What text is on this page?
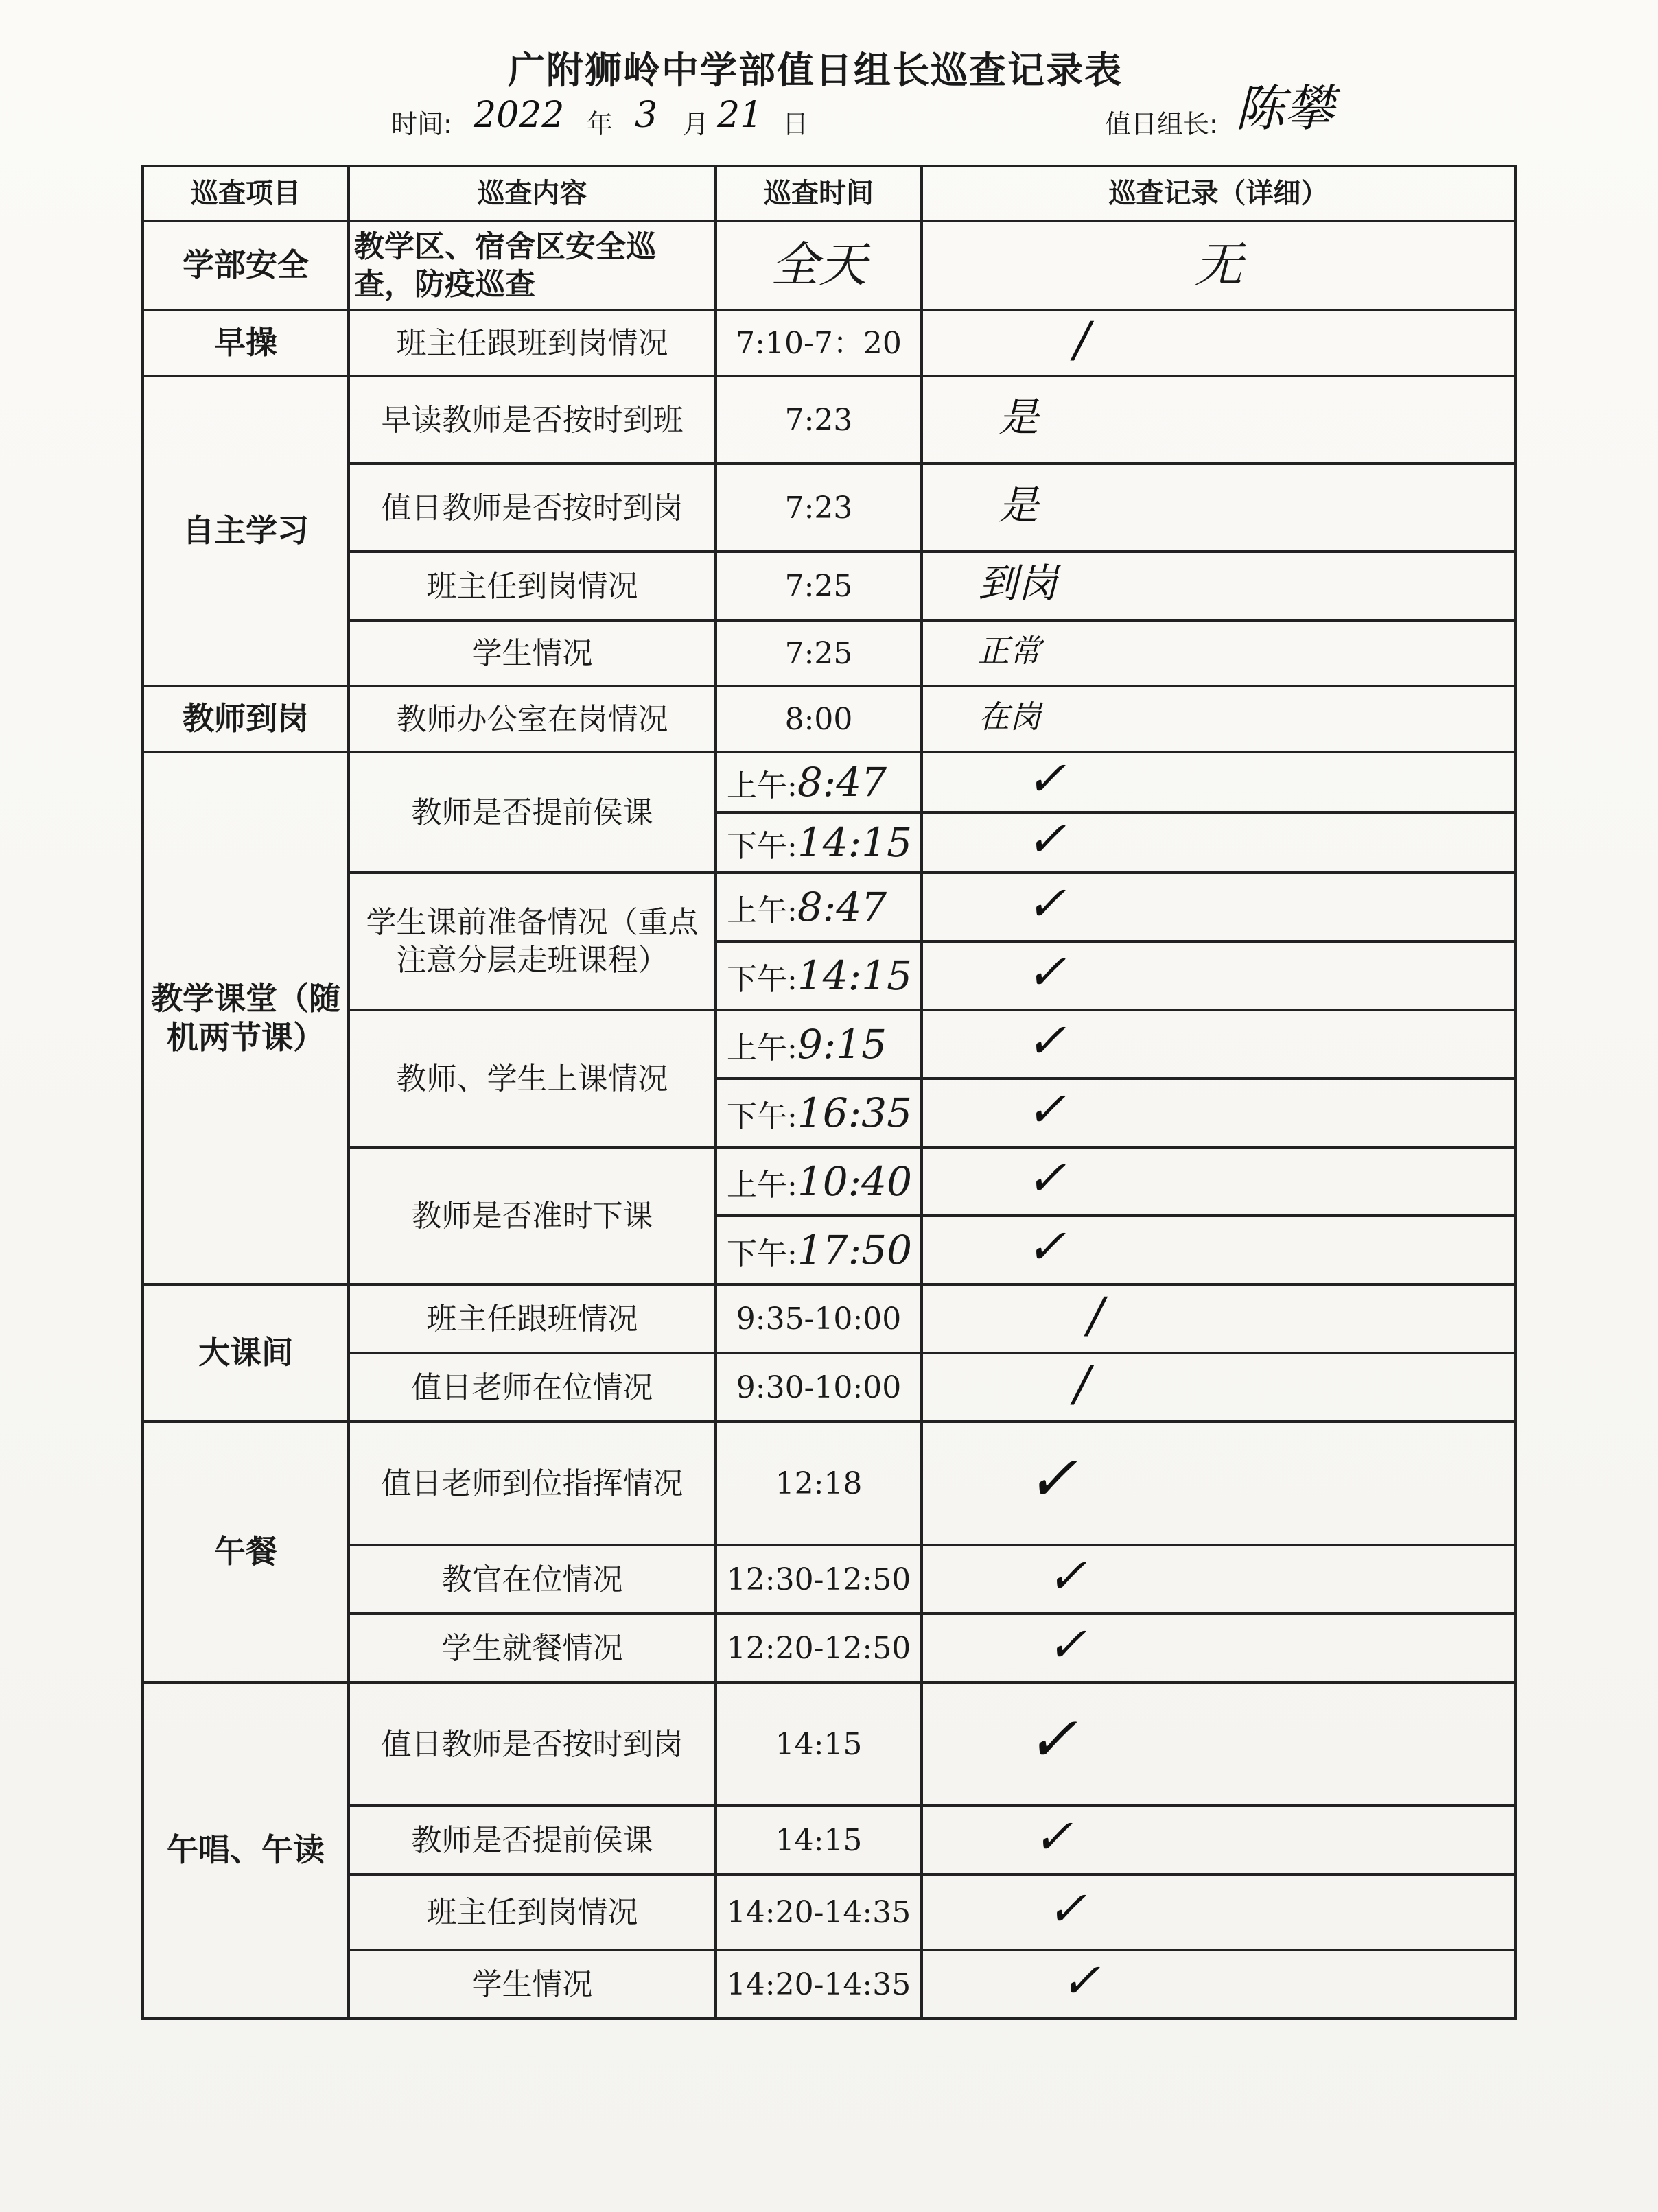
广附狮岭中学部值日组长巡查记录表
时间: 2022 年 3 月 21 日	值日组长: 陈攀
巡查项目	巡查内容	巡查时间	巡查记录（详细）
学部安全	教学区、宿舍区安全巡查，防疫巡查	全天	无
早操	班主任跟班到岗情况	7:10-7：20	/

自主学习	早读教师是否按时到班	7:23	是

	值日教师是否按时到岗	7:23	是

	班主任到岗情况	7:25	到岗

	学生情况	7:25	正常

教师到岗	教师办公室在岗情况	8:00	在岗

教学课堂（随机两节课）	教师是否提前侯课	上午:8:47	✓

		下午:14:15	✓

	学生课前准备情况（重点注意分层走班课程）	上午:8:47	✓

		下午:14:15	✓

	教师、学生上课情况	上午:9:15	✓

		下午:16:35	✓

	教师是否准时下课	上午:10:40	✓

		下午:17:50	✓

大课间	班主任跟班情况	9:35-10:00	/

	值日老师在位情况	9:30-10:00	/

午餐	值日老师到位指挥情况	12:18	✓

	教官在位情况	12:30-12:50	✓

	学生就餐情况	12:20-12:50	✓

午唱、午读	值日教师是否按时到岗	14:15	✓

	教师是否提前侯课	14:15	✓

	班主任到岗情况	14:20-14:35	✓

	学生情况	14:20-14:35	✓
